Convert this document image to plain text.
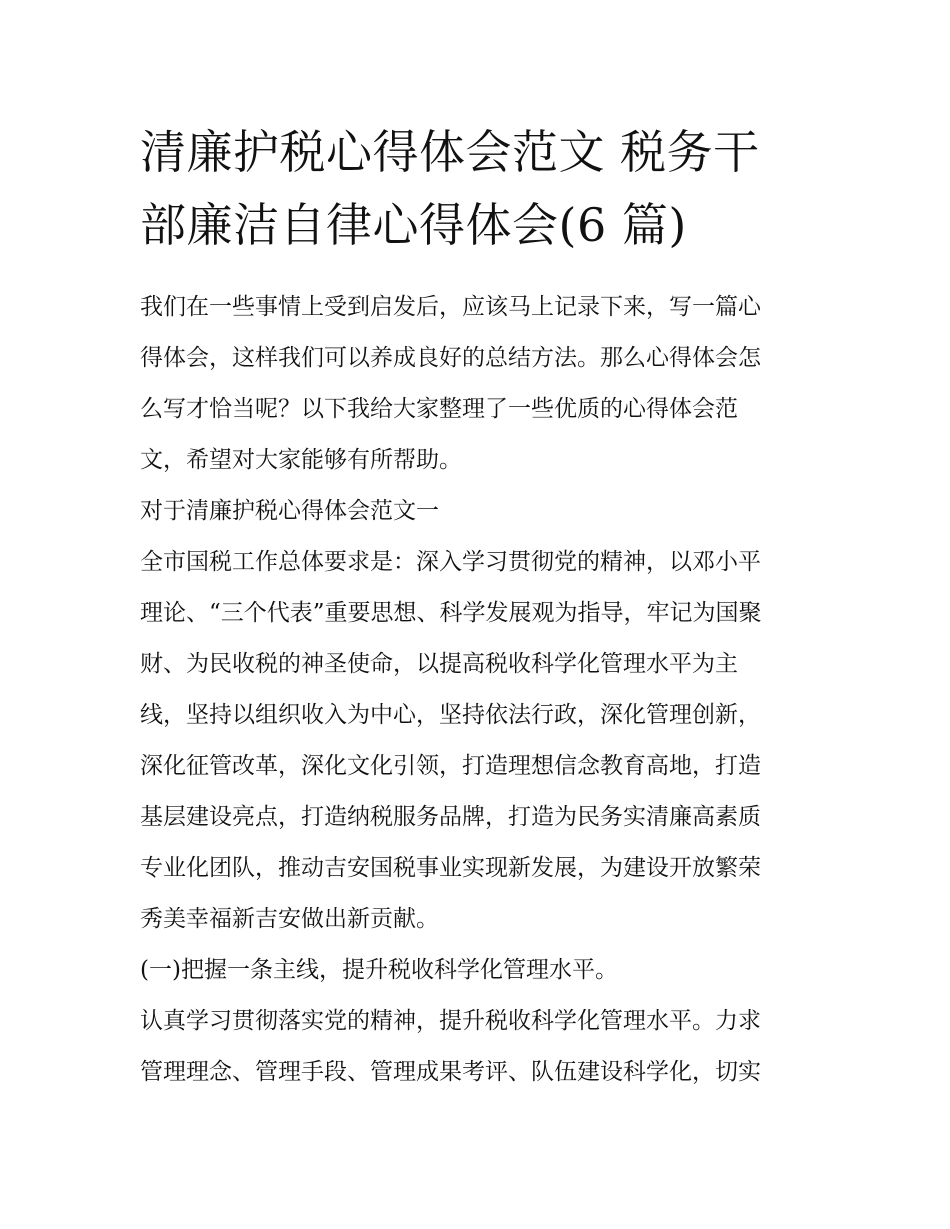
清廉护税心得体会范文 税务干
部廉洁自律心得体会(6 篇)
我们在一些事情上受到启发后，应该马上记录下来，写一篇心
得体会，这样我们可以养成良好的总结方法。那么心得体会怎
么写才恰当呢？以下我给大家整理了一些优质的心得体会范
文，希望对大家能够有所帮助。
对于清廉护税心得体会范文一
全市国税工作总体要求是：深入学习贯彻党的精神，以邓小平
理论、“三个代表”重要思想、科学发展观为指导，牢记为国聚
财、为民收税的神圣使命，以提高税收科学化管理水平为主
线，坚持以组织收入为中心，坚持依法行政，深化管理创新，
深化征管改革，深化文化引领，打造理想信念教育高地，打造
基层建设亮点，打造纳税服务品牌，打造为民务实清廉高素质
专业化团队，推动吉安国税事业实现新发展，为建设开放繁荣
秀美幸福新吉安做出新贡献。
(一)把握一条主线，提升税收科学化管理水平。
认真学习贯彻落实党的精神，提升税收科学化管理水平。力求
管理理念、管理手段、管理成果考评、队伍建设科学化，切实
